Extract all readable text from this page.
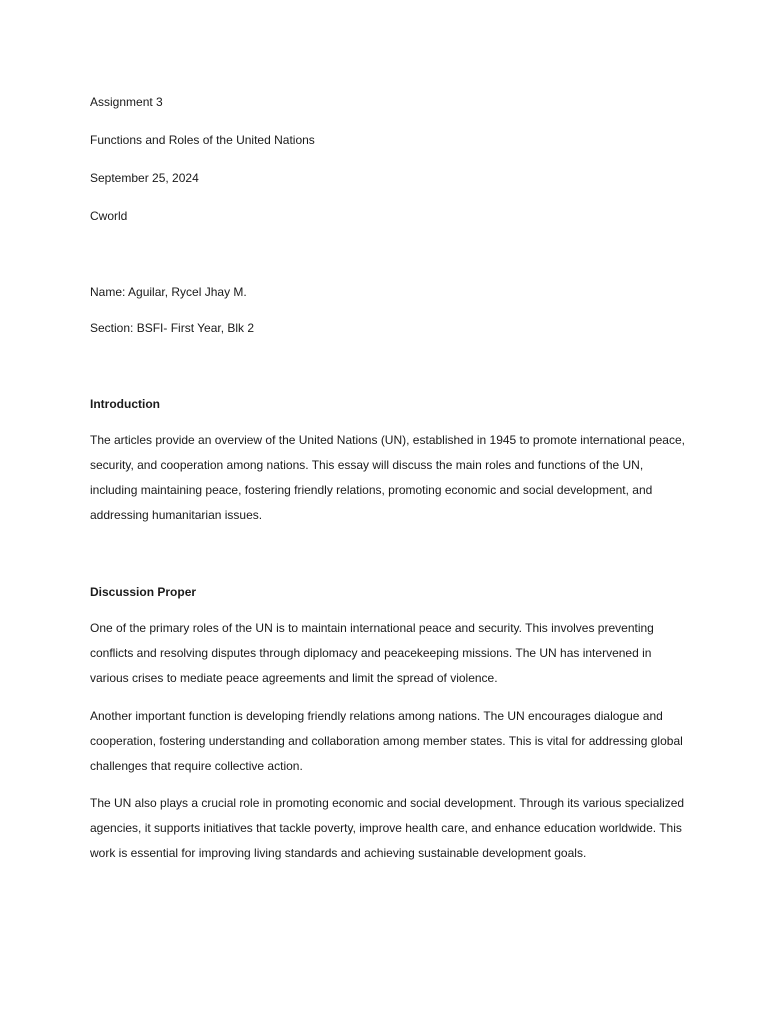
Assignment 3

Functions and Roles of the United Nations

September 25, 2024

Cworld

Name: Aguilar, Rycel Jhay M.

Section: BSFI- First Year, Blk 2

Introduction

The articles provide an overview of the United Nations (UN), established in 1945 to promote international peace, security, and cooperation among nations. This essay will discuss the main roles and functions of the UN, including maintaining peace, fostering friendly relations, promoting economic and social development, and addressing humanitarian issues.

Discussion Proper

One of the primary roles of the UN is to maintain international peace and security. This involves preventing conflicts and resolving disputes through diplomacy and peacekeeping missions. The UN has intervened in various crises to mediate peace agreements and limit the spread of violence.

Another important function is developing friendly relations among nations. The UN encourages dialogue and cooperation, fostering understanding and collaboration among member states. This is vital for addressing global challenges that require collective action.

The UN also plays a crucial role in promoting economic and social development. Through its various specialized agencies, it supports initiatives that tackle poverty, improve health care, and enhance education worldwide. This work is essential for improving living standards and achieving sustainable development goals.
